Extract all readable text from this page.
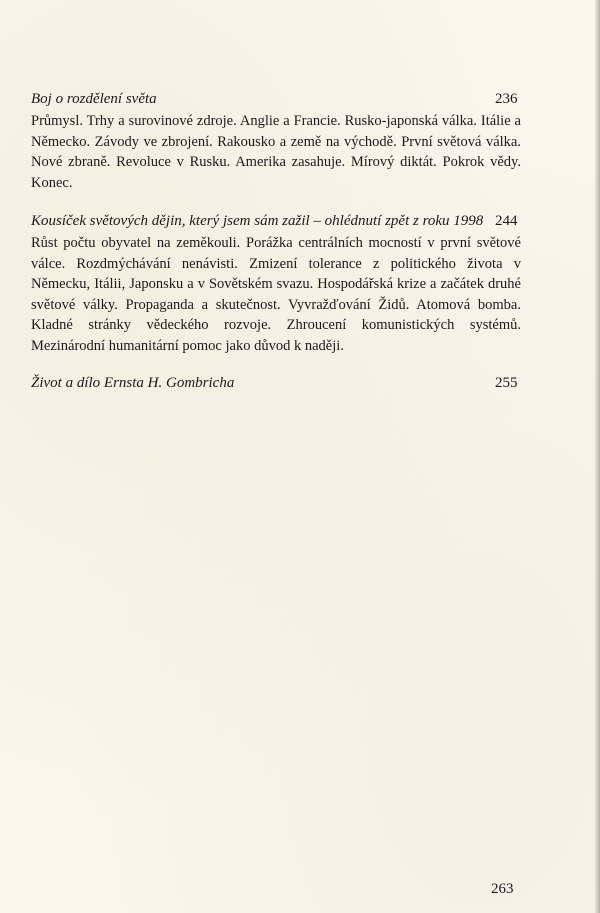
Boj o rozdělení světa	236

Průmysl. Trhy a surovinové zdroje. Anglie a Francie. Rusko-japonská válka. Itálie a Německo. Závody ve zbrojení. Rakousko a země na východě. První světová válka. Nové zbraně. Revoluce v Rusku. Amerika zasahuje. Mírový diktát. Pokrok vědy. Konec.

Kousíček světových dějin, který jsem sám zažil – ohlédnutí zpět z roku 1998 244

Růst počtu obyvatel na zeměkouli. Porážka centrálních mocností v první světové válce. Rozdmýchávání nenávisti. Zmizení tolerance z politického života v Německu, Itálii, Japonsku a v Sovětském svazu. Hospodářská krize a začátek druhé světové války. Propaganda a skutečnost. Vyvražďování Židů. Atomová bomba. Kladné stránky vědeckého rozvoje. Zhroucení komunistických systémů. Mezinárodní humanitární pomoc jako důvod k naději.

Život a dílo Ernsta H. Gombricha	255
263
